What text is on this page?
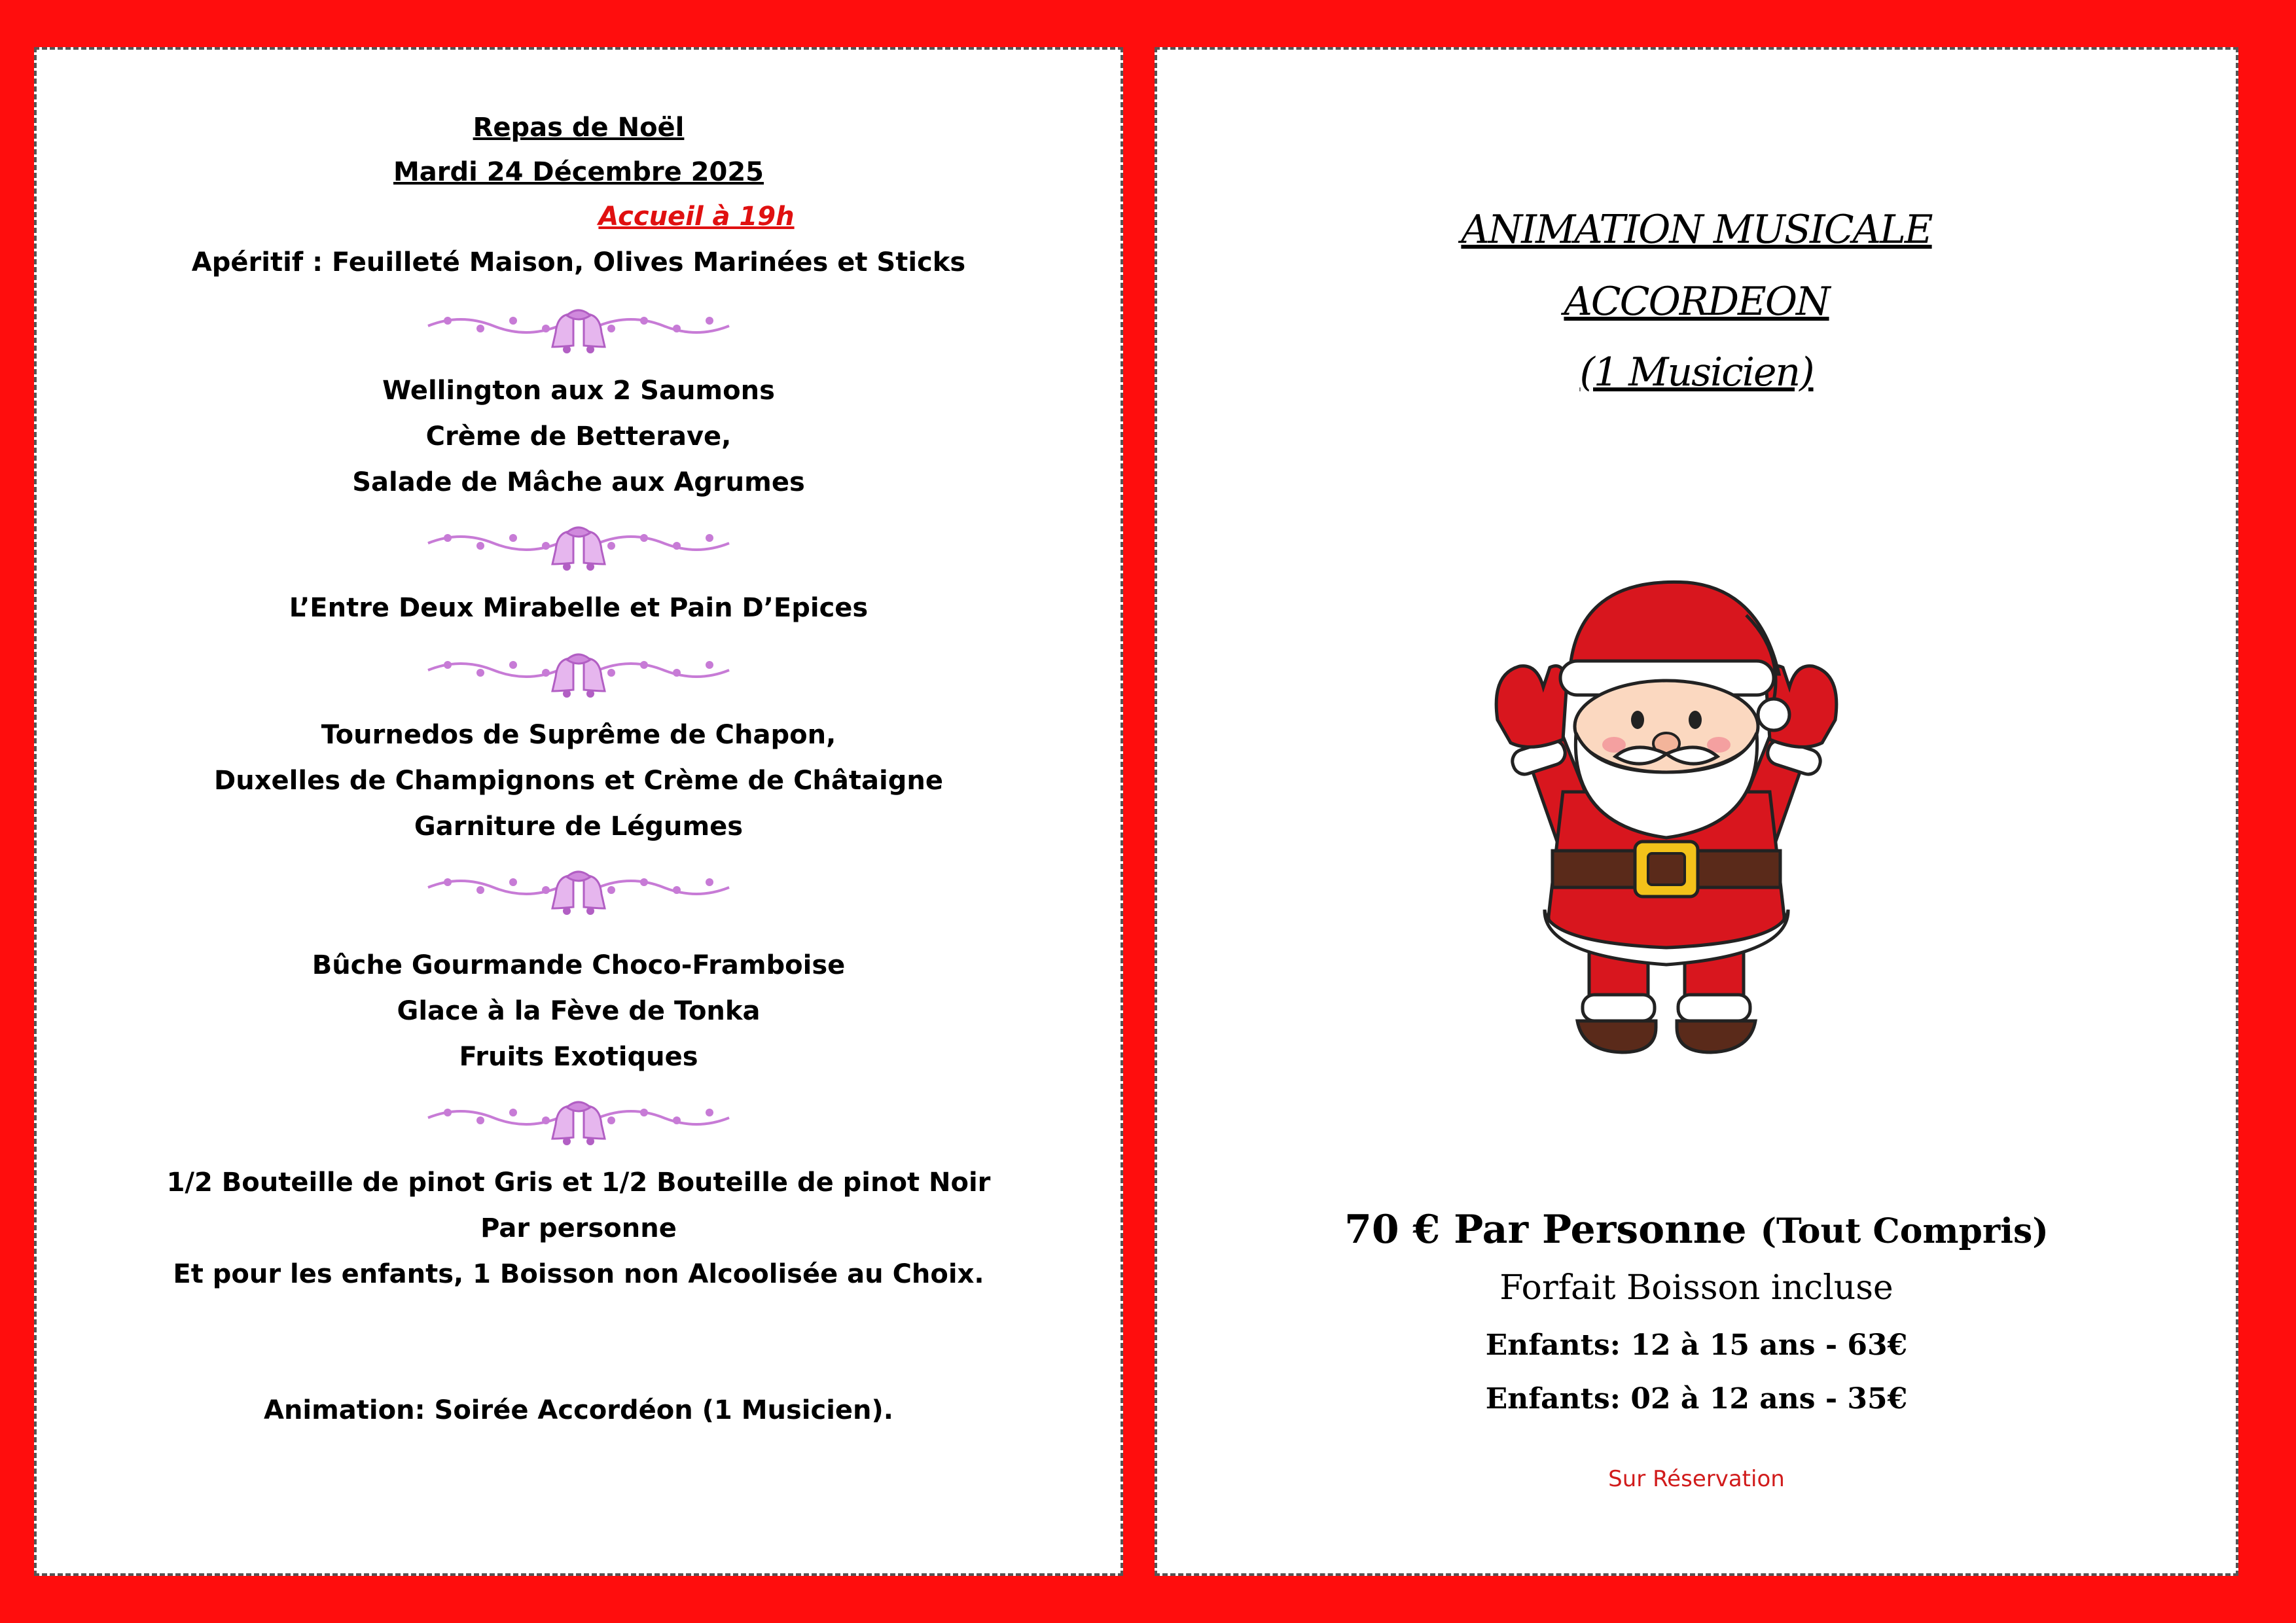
Repas de Noël
Mardi 24 Décembre 2025
Accueil à 19h
Apéritif : Feuilleté Maison, Olives Marinées et Sticks
Wellington aux 2 Saumons
Crème de Betterave,
Salade de Mâche aux Agrumes
L’Entre Deux Mirabelle et Pain D’Epices
Tournedos de Suprême de Chapon,
Duxelles de Champignons et Crème de Châtaigne
Garniture de Légumes
Bûche Gourmande Choco-Framboise
Glace à la Fève de Tonka
Fruits Exotiques
1/2 Bouteille de pinot Gris et 1/2 Bouteille de pinot Noir
Par personne
Et pour les enfants, 1 Boisson non Alcoolisée au Choix.
Animation: Soirée Accordéon (1 Musicien).
ANIMATION MUSICALE
ACCORDEON
(1 Musicien)
70 € Par Personne (Tout Compris)
Forfait Boisson incluse
Enfants: 12 à 15 ans - 63€
Enfants: 02 à 12 ans - 35€
Sur Réservation
